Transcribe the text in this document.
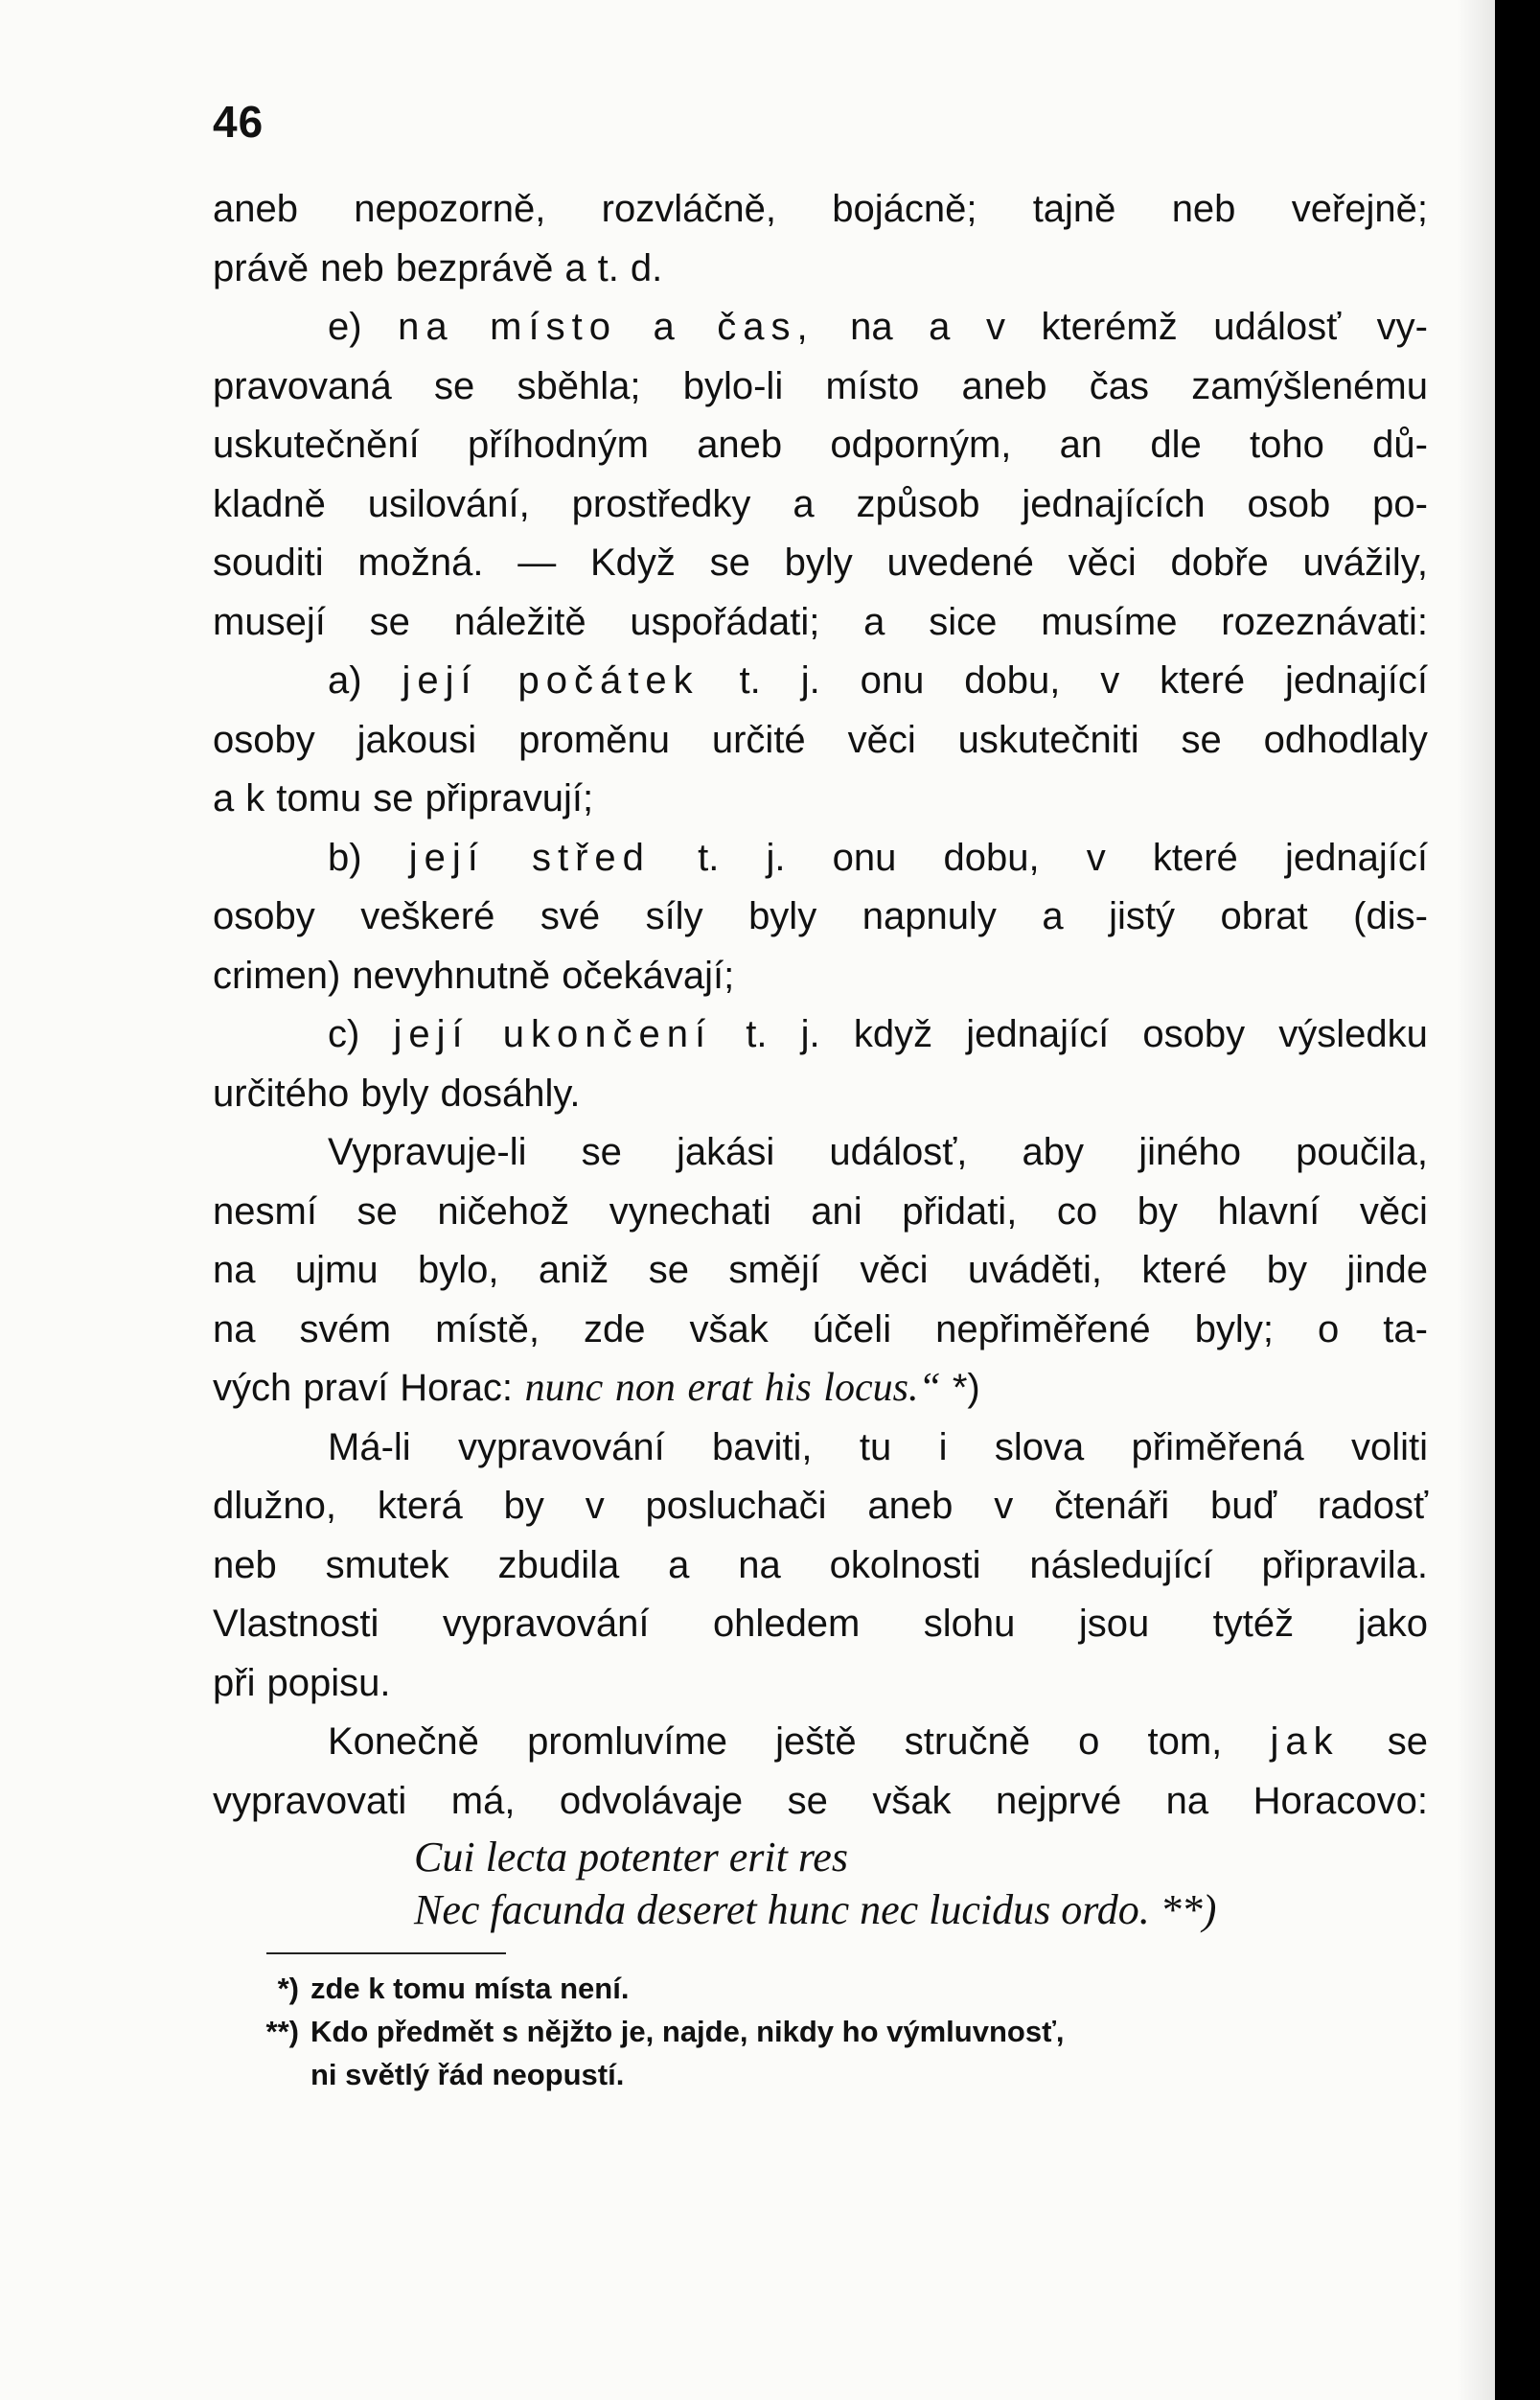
46
aneb nepozorně, rozvláčně, bojácně; tajně neb veřejně;
právě neb bezprávě a t. d.
e) na místo a čas, na a v kterémž událosť vy-
pravovaná se sběhla; bylo-li místo aneb čas zamýšlenému
uskutečnění příhodným aneb odporným, an dle toho dů-
kladně usilování, prostředky a způsob jednajících osob po-
souditi možná. — Když se byly uvedené věci dobře uvážily,
musejí se náležitě uspořádati; a sice musíme rozeznávati:
a) její počátek t. j. onu dobu, v které jednající
osoby jakousi proměnu určité věci uskutečniti se odhodlaly
a k tomu se připravují;
b) její střed t. j. onu dobu, v které jednající
osoby veškeré své síly byly napnuly a jistý obrat (dis-
crimen) nevyhnutně očekávají;
c) její ukončení t. j. když jednající osoby výsledku
určitého byly dosáhly.
Vypravuje-li se jakási událosť, aby jiného poučila,
nesmí se ničehož vynechati ani přidati, co by hlavní věci
na ujmu bylo, aniž se smějí věci uváděti, které by jinde
na svém místě, zde však účeli nepřiměřené byly; o ta-
vých praví Horac: nunc non erat his locus.“ *)
Má-li vypravování baviti, tu i slova přiměřená voliti
dlužno, která by v posluchači aneb v čtenáři buď radosť
neb smutek zbudila a na okolnosti následující připravila.
Vlastnosti vypravování ohledem slohu jsou tytéž jako
při popisu.
Konečně promluvíme ještě stručně o tom, jak se
vypravovati má, odvolávaje se však nejprvé na Horacovo:
Cui lecta potenter erit res
Nec facunda deseret hunc nec lucidus ordo. **)
*) zde k tomu místa není.
**) Kdo předmět s nějžto je, najde, nikdy ho výmluvnosť,
ni světlý řád neopustí.
